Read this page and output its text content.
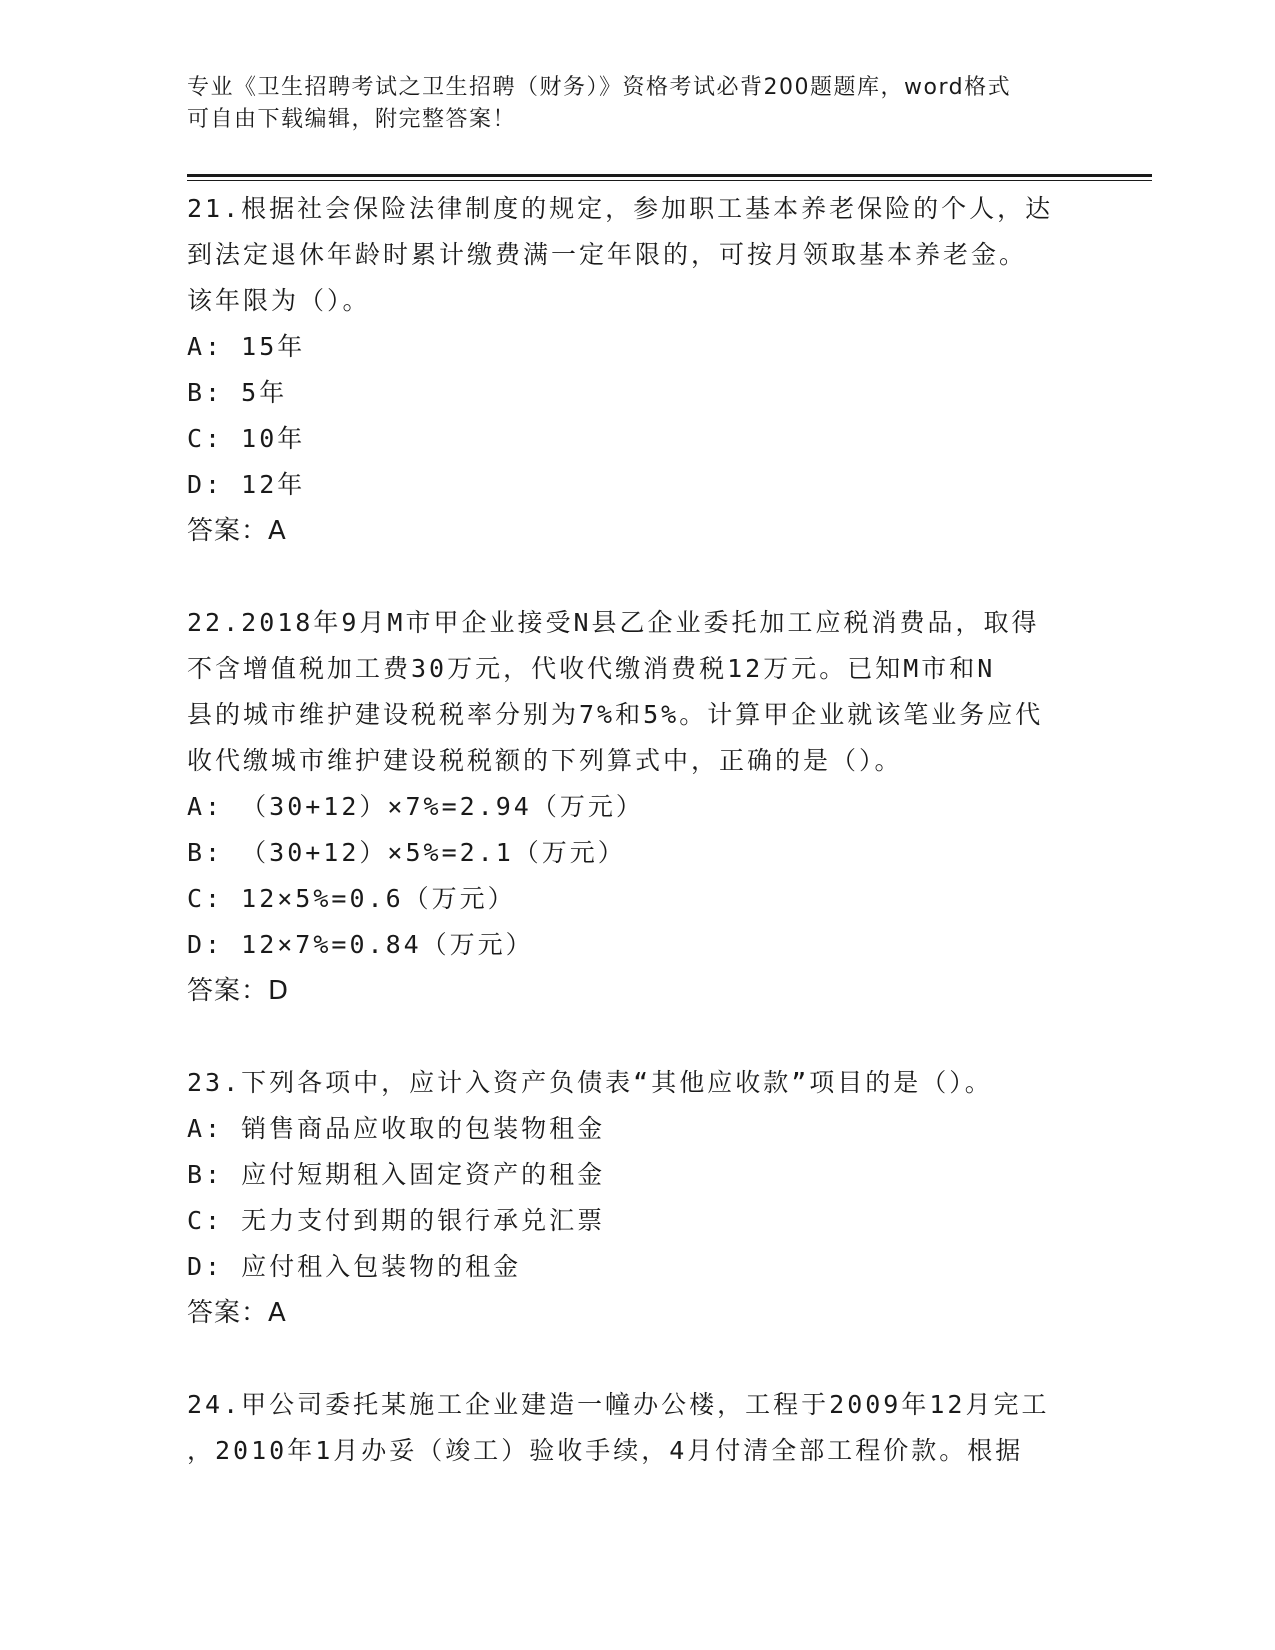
专业《卫生招聘考试之卫生招聘（财务）》资格考试必背200题题库，word格式
可自由下载编辑，附完整答案！
21.根据社会保险法律制度的规定，参加职工基本养老保险的个人，达
到法定退休年龄时累计缴费满一定年限的，可按月领取基本养老金。
该年限为（）。
A: 15年
B: 5年
C: 10年
D: 12年
答案：A
22.2018年9月M市甲企业接受N县乙企业委托加工应税消费品，取得
不含增值税加工费30万元，代收代缴消费税12万元。已知M市和N
县的城市维护建设税税率分别为7%和5%。计算甲企业就该笔业务应代
收代缴城市维护建设税税额的下列算式中，正确的是（）。
A: （30+12）×7%=2.94（万元）
B: （30+12）×5%=2.1（万元）
C: 12×5%=0.6（万元）
D: 12×7%=0.84（万元）
答案：D
23.下列各项中，应计入资产负债表“其他应收款”项目的是（）。
A: 销售商品应收取的包装物租金
B: 应付短期租入固定资产的租金
C: 无力支付到期的银行承兑汇票
D: 应付租入包装物的租金
答案：A
24.甲公司委托某施工企业建造一幢办公楼，工程于2009年12月完工
，2010年1月办妥（竣工）验收手续，4月付清全部工程价款。根据
